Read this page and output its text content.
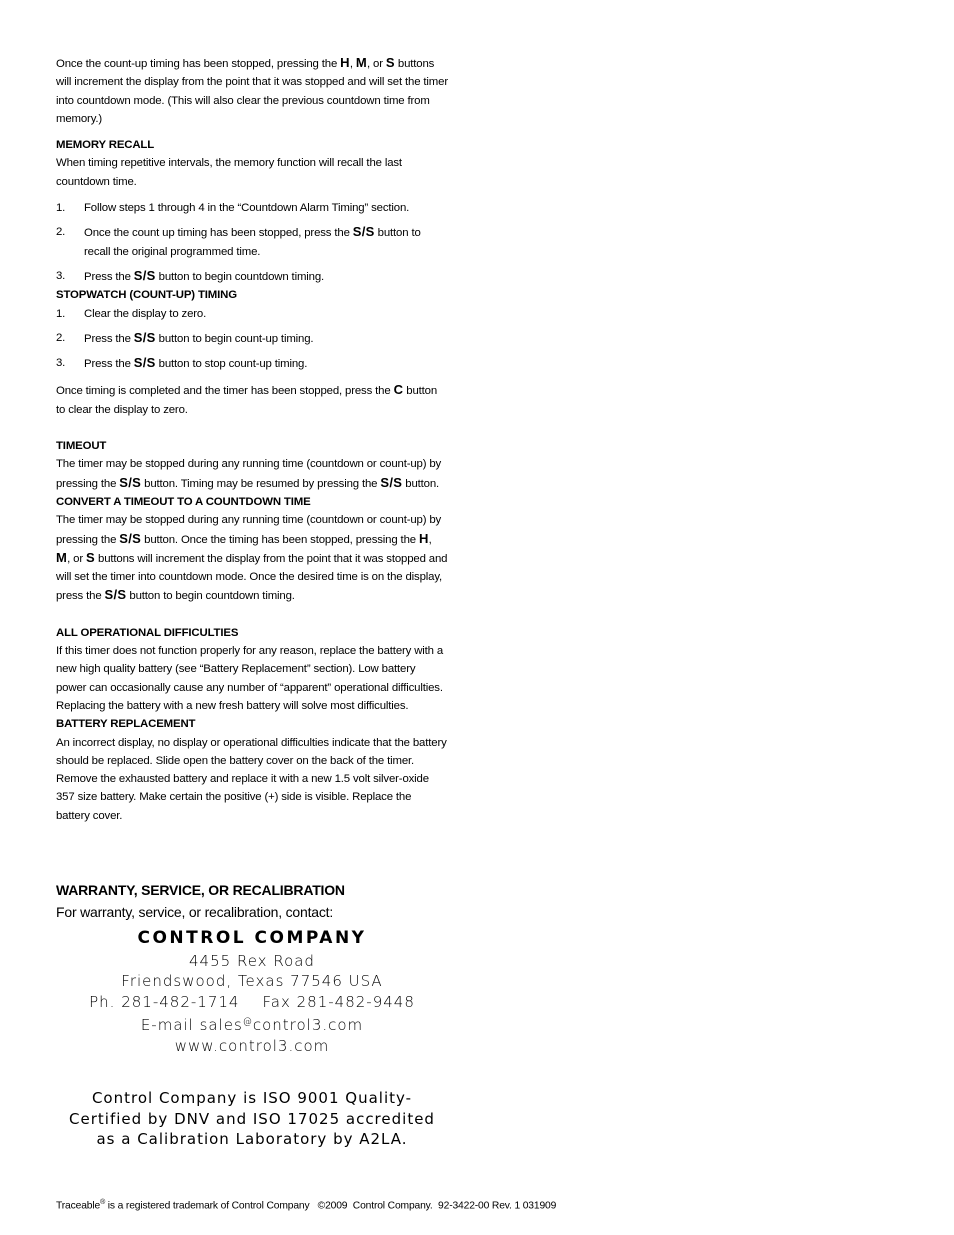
Once the count-up timing has been stopped, pressing the H, M, or S buttons will increment the display from the point that it was stopped and will set the timer into countdown mode. (This will also clear the previous countdown time from memory.)

MEMORY RECALL

When timing repetitive intervals, the memory function will recall the last countdown time.

1.	Follow steps 1 through 4 in the “Countdown Alarm Timing” section.
2.	Once the count up timing has been stopped, press the S/S button to recall the original programmed time.
3.	Press the S/S button to begin countdown timing.

STOPWATCH (COUNT-UP) TIMING

1.	Clear the display to zero.
2.	Press the S/S button to begin count-up timing.
3.	Press the S/S button to stop count-up timing.

Once timing is completed and the timer has been stopped, press the C button to clear the display to zero.

TIMEOUT

The timer may be stopped during any running time (countdown or count-up) by pressing the S/S button. Timing may be resumed by pressing the S/S button.

CONVERT A TIMEOUT TO A COUNTDOWN TIME

The timer may be stopped during any running time (countdown or count-up) by pressing the S/S button. Once the timing has been stopped, pressing the H, M, or S buttons will increment the display from the point that it was stopped and will set the timer into countdown mode. Once the desired time is on the display, press the S/S button to begin countdown timing.

ALL OPERATIONAL DIFFICULTIES

If this timer does not function properly for any reason, replace the battery with a new high quality battery (see “Battery Replacement” section). Low battery power can occasionally cause any number of “apparent” operational difficulties. Replacing the battery with a new fresh battery will solve most difficulties.

BATTERY REPLACEMENT

An incorrect display, no display or operational difficulties indicate that the battery should be replaced. Slide open the battery cover on the back of the timer. Remove the exhausted battery and replace it with a new 1.5 volt silver-oxide 357 size battery. Make certain the positive (+) side is visible. Replace the battery cover.

WARRANTY, SERVICE, OR RECALIBRATION
For warranty, service, or recalibration, contact:
CONTROL COMPANY
4455 Rex Road
Friendswood, Texas 77546 USA
Ph. 281-482-1714    Fax 281-482-9448
E-mail sales@control3.com
www.control3.com
Control Company is ISO 9001 Quality-
Certified by DNV and ISO 17025 accredited
as a Calibration Laboratory by A2LA.
Traceable® is a registered trademark of Control Company   ©2009  Control Company.  92-3422-00 Rev. 1 031909
